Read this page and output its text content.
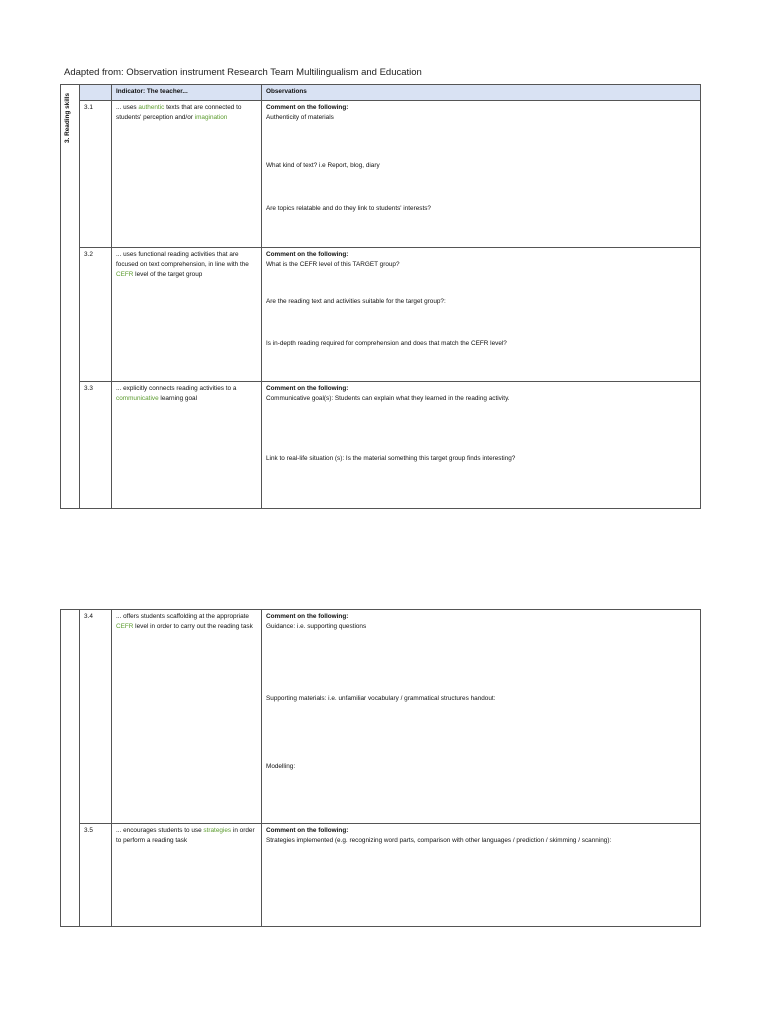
Adapted from: Observation instrument Research Team Multilingualism and Education
3. Reading skills		Indicator: The teacher...	Observations
	3.1	... uses authentic texts that are connected to students' perception and/or imagination	Comment on the following:
Authenticity of materials
What kind of text? i.e Report, blog, diary
Are topics relatable and do they link to students' interests?

	3.2	... uses functional reading activities that are focused on text comprehension, in line with the CEFR level of the target group	Comment on the following:
What is the CEFR level of this TARGET group?
Are the reading text and activities suitable for the target group?:
Is in-depth reading required for comprehension and does that match the CEFR level?

	3.3	... explicitly connects reading activities to a communicative learning goal	Comment on the following:
Communicative goal(s): Students can explain what they learned in the reading activity.
Link to real-life situation (s): Is the material something this target group finds interesting?
	3.4	... offers students scaffolding at the appropriate CEFR level in order to carry out the reading task	Comment on the following:
Guidance: i.e. supporting questions
Supporting materials: i.e. unfamiliar vocabulary / grammatical structures handout:
Modelling:

	3.5	... encourages students to use strategies in order to perform a reading task	Comment on the following:
Strategies implemented (e.g. recognizing word parts, comparison with other languages / prediction / skimming / scanning):
